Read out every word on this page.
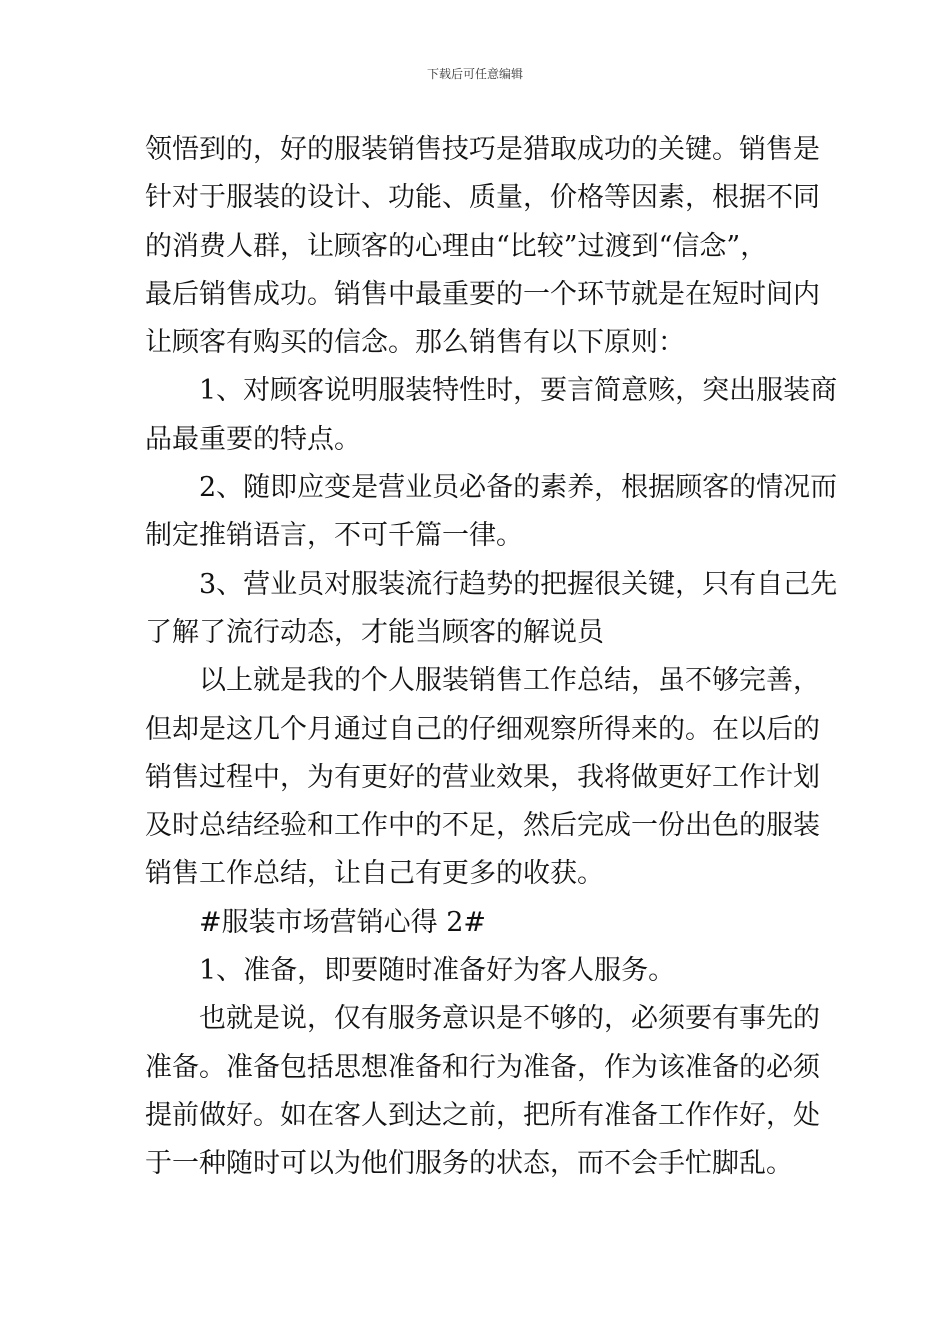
下载后可任意编辑
领悟到的，好的服装销售技巧是猎取成功的关键。销售是
针对于服装的设计、功能、质量，价格等因素，根据不同
的消费人群，让顾客的心理由“比较”过渡到“信念”，
最后销售成功。销售中最重要的一个环节就是在短时间内
让顾客有购买的信念。那么销售有以下原则：
1、对顾客说明服装特性时，要言简意赅，突出服装商
品最重要的特点。
2、随即应变是营业员必备的素养，根据顾客的情况而
制定推销语言，不可千篇一律。
3、营业员对服装流行趋势的把握很关键，只有自己先
了解了流行动态，才能当顾客的解说员
以上就是我的个人服装销售工作总结，虽不够完善，
但却是这几个月通过自己的仔细观察所得来的。在以后的
销售过程中，为有更好的营业效果，我将做更好工作计划
及时总结经验和工作中的不足，然后完成一份出色的服装
销售工作总结，让自己有更多的收获。
#服装市场营销心得 2#
1、准备，即要随时准备好为客人服务。
也就是说，仅有服务意识是不够的，必须要有事先的
准备。准备包括思想准备和行为准备，作为该准备的必须
提前做好。如在客人到达之前，把所有准备工作作好，处
于一种随时可以为他们服务的状态，而不会手忙脚乱。
